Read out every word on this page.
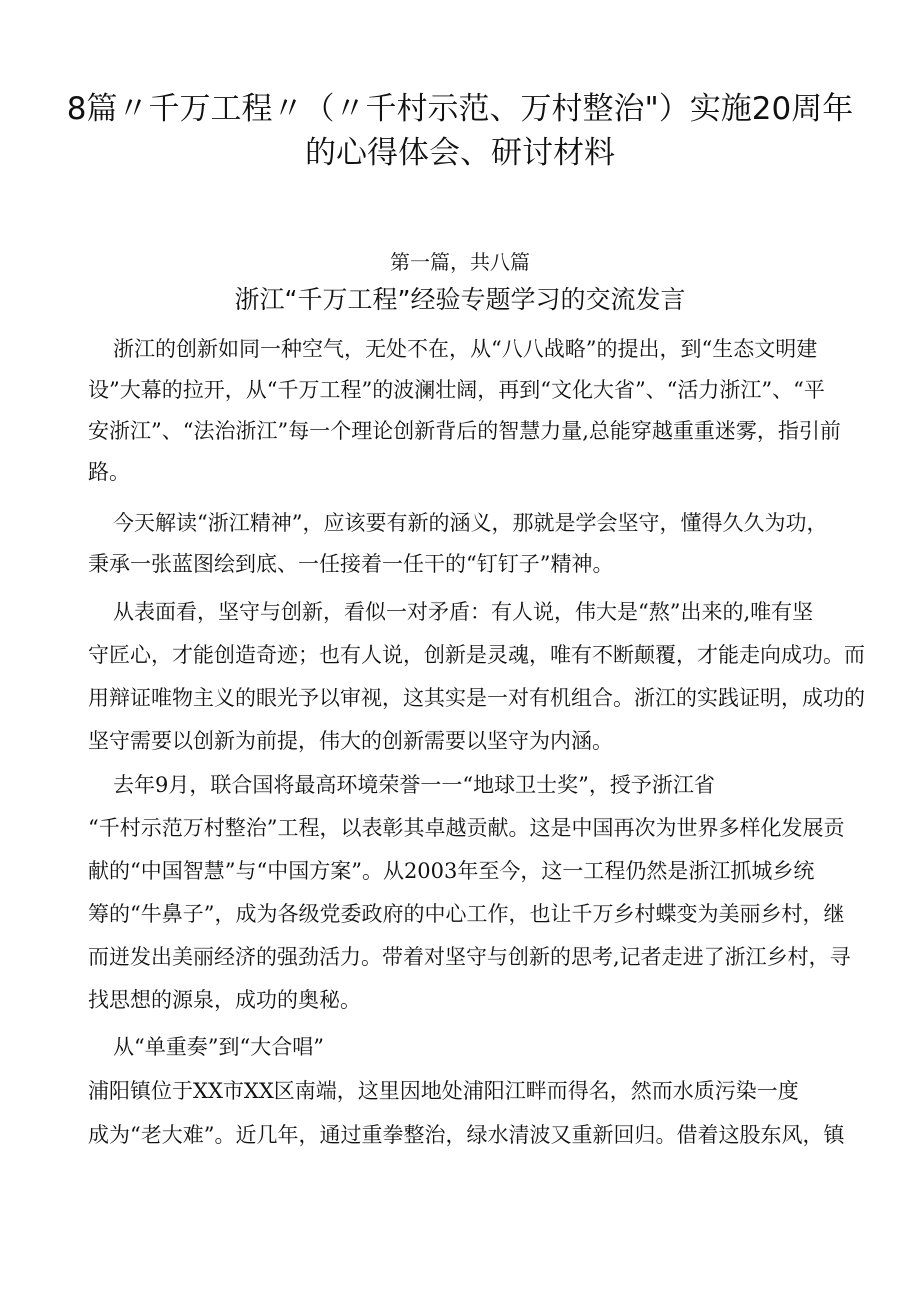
8篇〃千万工程〃（〃千村示范、万村整治"）实施20周年
的心得体会、研讨材料
第一篇，共八篇
浙江“千万工程”经验专题学习的交流发言
浙江的创新如同一种空气，无处不在，从“八八战略”的提出，到“生态文明建
设”大幕的拉开，从“千万工程”的波澜壮阔，再到“文化大省”、“活力浙江”、“平
安浙江”、“法治浙江”每一个理论创新背后的智慧力量,总能穿越重重迷雾，指引前
路。
今天解读“浙江精神”，应该要有新的涵义，那就是学会坚守，懂得久久为功，
秉承一张蓝图绘到底、一任接着一任干的“钉钉子”精神。
从表面看，坚守与创新，看似一对矛盾：有人说，伟大是“熬”出来的,唯有坚
守匠心，才能创造奇迹；也有人说，创新是灵魂，唯有不断颠覆，才能走向成功。而
用辩证唯物主义的眼光予以审视，这其实是一对有机组合。浙江的实践证明，成功的
坚守需要以创新为前提，伟大的创新需要以坚守为内涵。
去年9月，联合国将最高环境荣誉一一“地球卫士奖”，授予浙江省
“千村示范万村整治”工程，以表彰其卓越贡献。这是中国再次为世界多样化发展贡
献的“中国智慧”与“中国方案”。从2003年至今，这一工程仍然是浙江抓城乡统
筹的“牛鼻子”，成为各级党委政府的中心工作，也让千万乡村蝶变为美丽乡村，继
而迸发出美丽经济的强劲活力。带着对坚守与创新的思考,记者走进了浙江乡村，寻
找思想的源泉，成功的奥秘。
从“单重奏”到“大合唱”
浦阳镇位于XX市XX区南端，这里因地处浦阳江畔而得名，然而水质污染一度
成为“老大难”。近几年，通过重拳整治，绿水清波又重新回归。借着这股东风，镇
